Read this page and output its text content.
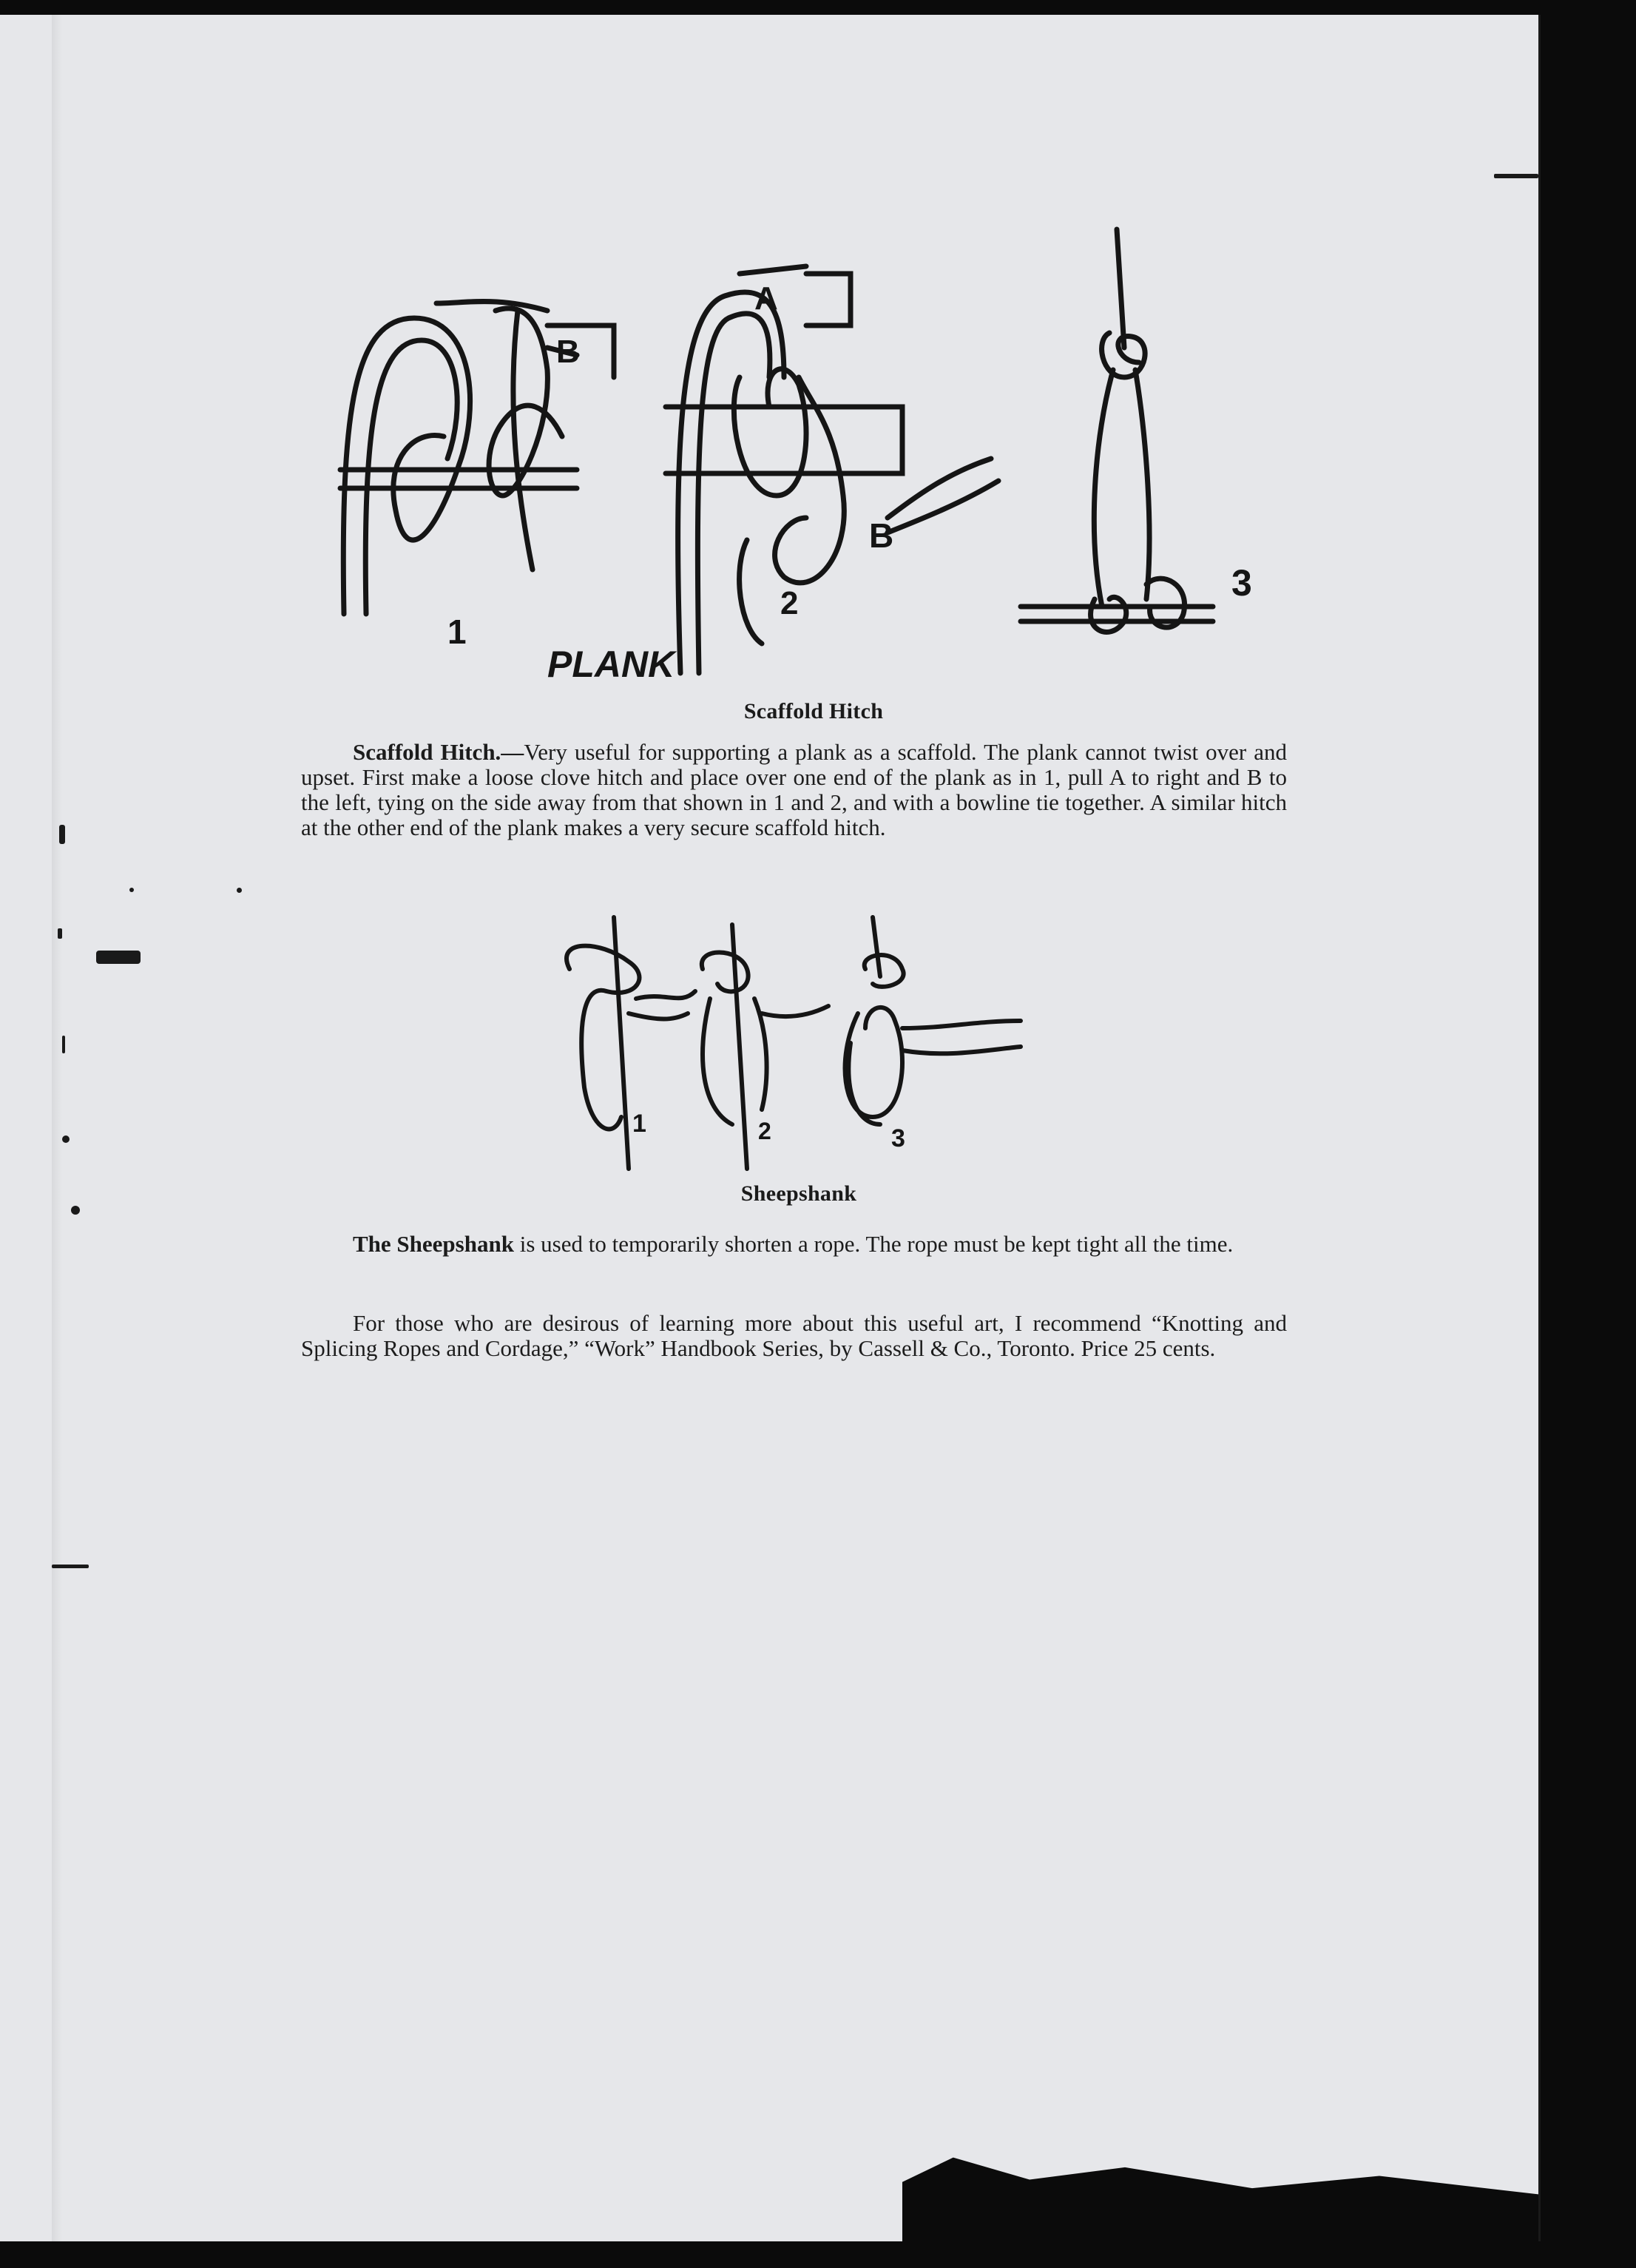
B
A
B
1
2	3
PLANK
Scaffold Hitch

Scaffold Hitch.—Very useful for supporting a plank as a scaffold. The plank cannot twist over and upset. First make a loose clove hitch and place over one end of the plank as in 1, pull A to right and B to the left, tying on the side away from that shown in 1 and 2, and with a bowline tie together. A similar hitch at the other end of the plank makes a very secure scaffold hitch.

1	2	3
Sheepshank

The Sheepshank is used to temporarily shorten a rope. The rope must be kept tight all the time.

For those who are desirous of learning more about this useful art, I recommend “Knotting and Splicing Ropes and Cordage,” “Work” Handbook Series, by Cassell & Co., Toronto. Price 25 cents.
